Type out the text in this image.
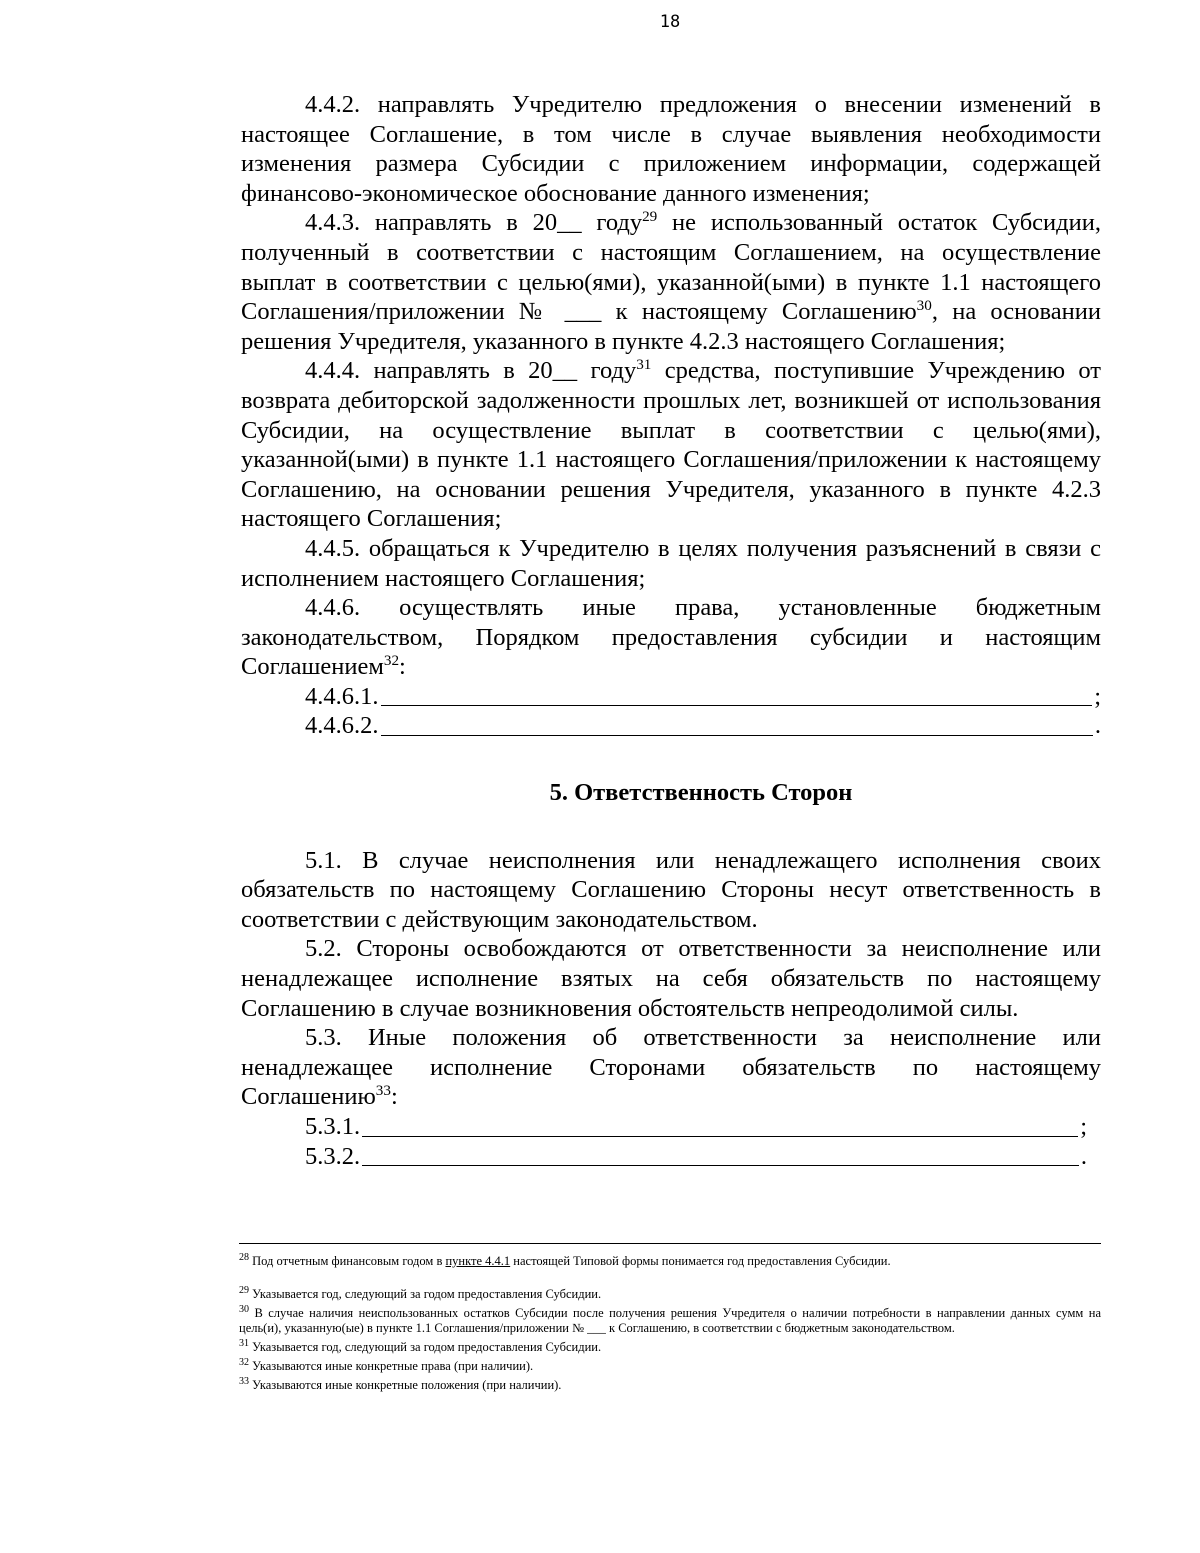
18

4.4.2. направлять Учредителю предложения о внесении изменений в настоящее Соглашение, в том числе в случае выявления необходимости изменения размера Субсидии с приложением информации, содержащей финансово-экономическое обоснование данного изменения;

4.4.3. направлять в 20__ году$^{29}$ не использованный остаток Субсидии, полученный в соответствии с настоящим Соглашением, на осуществление выплат в соответствии с целью(ями), указанной(ыми) в пункте 1.1 настоящего Соглашения/приложении № ___ к настоящему Соглашению$^{30}$, на основании решения Учредителя, указанного в пункте 4.2.3 настоящего Соглашения;

4.4.4. направлять в 20__ году$^{31}$ средства, поступившие Учреждению от возврата дебиторской задолженности прошлых лет, возникшей от использования Субсидии, на осуществление выплат в соответствии с целью(ями), указанной(ыми) в пункте 1.1 настоящего Соглашения/приложении к настоящему Соглашению, на основании решения Учредителя, указанного в пункте 4.2.3 настоящего Соглашения;

4.4.5. обращаться к Учредителю в целях получения разъяснений в связи с исполнением настоящего Соглашения;

4.4.6. осуществлять иные права, установленные бюджетным законодательством, Порядком предоставления субсидии и настоящим Соглашением$^{32}$:

4.4.6.1.	;
4.4.6.2.	.
5. Ответственность Сторон

5.1. В случае неисполнения или ненадлежащего исполнения своих обязательств по настоящему Соглашению Стороны несут ответственность в соответствии с действующим законодательством.

5.2. Стороны освобождаются от ответственности за неисполнение или ненадлежащее исполнение взятых на себя обязательств по настоящему Соглашению в случае возникновения обстоятельств непреодолимой силы.

5.3. Иные положения об ответственности за неисполнение или ненадлежащее исполнение Сторонами обязательств по настоящему Соглашению$^{33}$:

5.3.1.	;
5.3.2.	.

$^{28}$ Под отчетным финансовым годом в пункте 4.4.1 настоящей Типовой формы понимается год предоставления Субсидии.

$^{29}$ Указывается год, следующий за годом предоставления Субсидии.

$^{30}$ В случае наличия неиспользованных остатков Субсидии после получения решения Учредителя о наличии потребности в направлении данных сумм на цель(и), указанную(ые) в пункте 1.1 Соглашения/приложении № ___ к Соглашению, в соответствии с бюджетным законодательством.

$^{31}$ Указывается год, следующий за годом предоставления Субсидии.

$^{32}$ Указываются иные конкретные права (при наличии).

$^{33}$ Указываются иные конкретные положения (при наличии).
